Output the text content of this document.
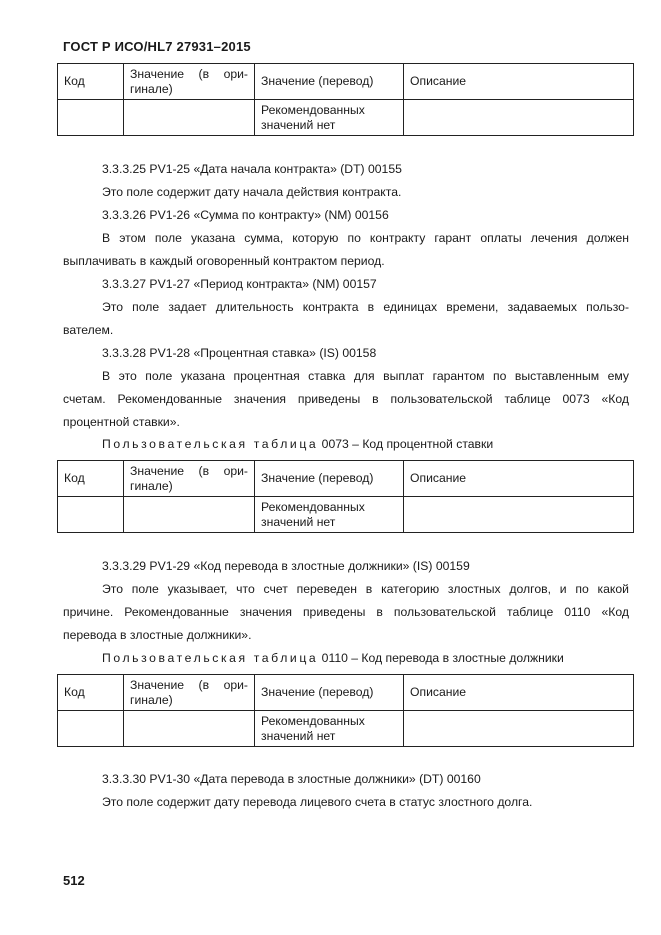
ГОСТ Р ИСО/HL7 27931–2015
Код	Значение (в ори-
гинале)	Значение (перевод)	Описание

		Рекомендованных
значений нет	

3.3.3.25 PV1-25 «Дата начала контракта» (DT) 00155
Это поле содержит дату начала действия контракта.
3.3.3.26 PV1-26 «Сумма по контракту» (NM) 00156
В этом поле указана сумма, которую по контракту гарант оплаты лечения должен
выплачивать в каждый оговоренный контрактом период.
3.3.3.27 PV1-27 «Период контракта» (NM) 00157
Это поле задает длительность контракта в единицах времени, задаваемых пользо-
вателем.
3.3.3.28 PV1-28 «Процентная ставка» (IS) 00158
В это поле указана процентная ставка для выплат гарантом по выставленным ему
счетам. Рекомендованные значения приведены в пользовательской таблице 0073 «Код
процентной ставки».
Пользовательская таблица 0073 – Код процентной ставки
Код	Значение (в ори-
гинале)	Значение (перевод)	Описание

		Рекомендованных
значений нет	

3.3.3.29 PV1-29 «Код перевода в злостные должники» (IS) 00159
Это поле указывает, что счет переведен в категорию злостных долгов, и по какой
причине. Рекомендованные значения приведены в пользовательской таблице 0110 «Код
перевода в злостные должники».
Пользовательская таблица 0110 – Код перевода в злостные должники
Код	Значение (в ори-
гинале)	Значение (перевод)	Описание

		Рекомендованных
значений нет	

3.3.3.30 PV1-30 «Дата перевода в злостные должники» (DT) 00160
Это поле содержит дату перевода лицевого счета в статус злостного долга.
512
